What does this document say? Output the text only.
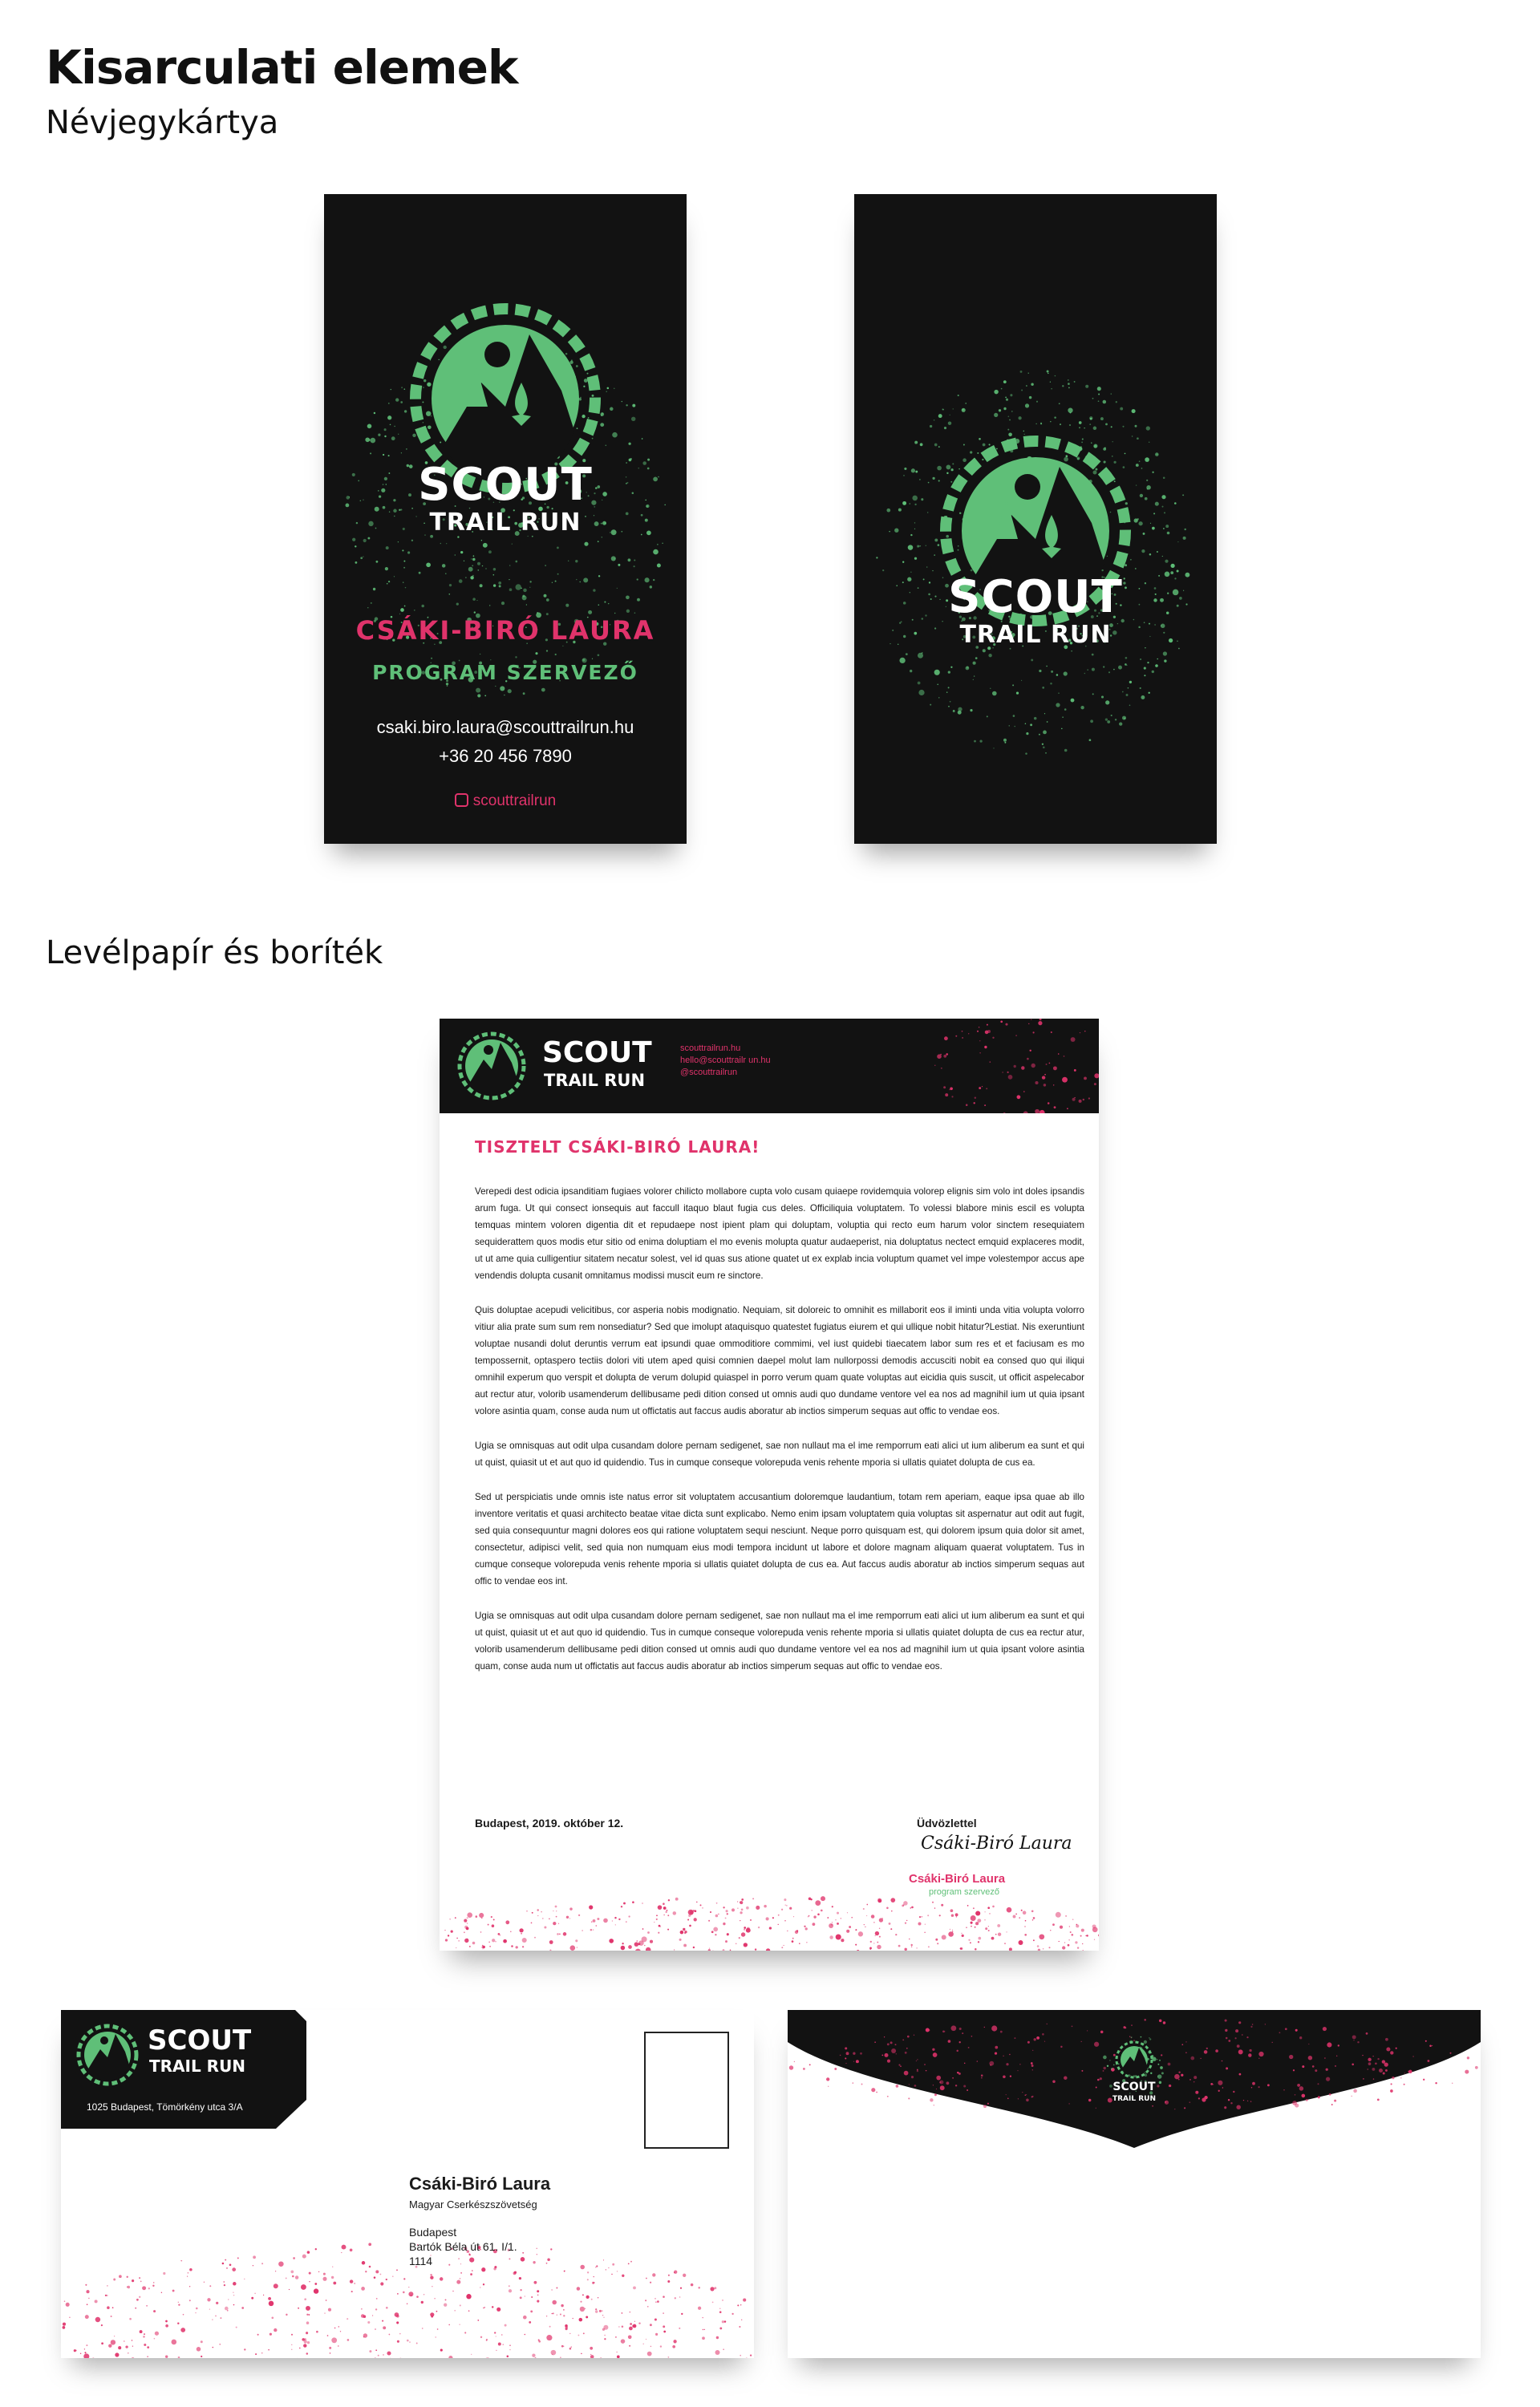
Kisarculati elemek
Névjegykártya
SCOUT
TRAIL RUN
CSÁKI-BIRÓ LAURA
PROGRAM SZERVEZŐ
csaki.biro.laura@scouttrailrun.hu
+36 20 456 7890
scouttrailrun
SCOUT
TRAIL RUN
Levélpapír és boríték
SCOUT
TRAIL RUN
scouttrailrun.hu
hello@scouttrailr un.hu
@scouttrailrun
TISZTELT CSÁKI-BIRÓ LAURA!

Verepedi dest odicia ipsanditiam fugiaes volorer chilicto mollabore cupta volo cusam quiaepe rovidemquia volorep elignis sim volo int doles ipsandis arum fuga. Ut qui consect ionsequis aut faccull itaquo blaut fugia cus deles. Officiliquia voluptatem. To volessi blabore minis escil es volupta temquas mintem voloren digentia dit et repudaepe nost ipient plam qui doluptam, voluptia qui recto eum harum volor sinctem resequiatem sequiderattem quos modis etur sitio od enima doluptiam el mo evenis molupta quatur audaeperist, nia doluptatus nectect emquid explaceres modit, ut ut ame quia culligentiur sitatem necatur solest, vel id quas sus atione quatet ut ex explab incia voluptum quamet vel impe volestempor accus ape vendendis dolupta cusanit omnitamus modissi muscit eum re sinctore.

Quis doluptae acepudi velicitibus, cor asperia nobis modignatio. Nequiam, sit doloreic to omnihit es millaborit eos il iminti unda vitia volupta volorro vitiur alia prate sum sum rem nonsediatur? Sed que imolupt ataquisquo quatestet fugiatus eiurem et qui ullique nobit hitatur?Lestiat. Nis exeruntiunt voluptae nusandi dolut deruntis verrum eat ipsundi quae ommoditiore commimi, vel iust quidebi tiaecatem labor sum res et et faciusam es mo tempossernit, optaspero tectiis dolori viti utem aped quisi comnien daepel molut lam nullorpossi demodis accusciti nobit ea consed quo qui iliqui omnihil experum quo verspit et dolupta de verum dolupid quiaspel in porro verum quam quate voluptas aut eicidia quis suscit, ut officit aspelecabor aut rectur atur, volorib usamenderum dellibusame pedi dition consed ut omnis audi quo dundame ventore vel ea nos ad magnihil ium ut quia ipsant volore asintia quam, conse auda num ut offictatis aut faccus audis aboratur ab inctios simperum sequas aut offic to vendae eos.

Ugia se omnisquas aut odit ulpa cusandam dolore pernam sedigenet, sae non nullaut ma el ime remporrum eati alici ut ium aliberum ea sunt et qui ut quist, quiasit ut et aut quo id quidendio. Tus in cumque conseque volorepuda venis rehente mporia si ullatis quiatet dolupta de cus ea.

Sed ut perspiciatis unde omnis iste natus error sit voluptatem accusantium doloremque laudantium, totam rem aperiam, eaque ipsa quae ab illo inventore veritatis et quasi architecto beatae vitae dicta sunt explicabo. Nemo enim ipsam voluptatem quia voluptas sit aspernatur aut odit aut fugit, sed quia consequuntur magni dolores eos qui ratione voluptatem sequi nesciunt. Neque porro quisquam est, qui dolorem ipsum quia dolor sit amet, consectetur, adipisci velit, sed quia non numquam eius modi tempora incidunt ut labore et dolore magnam aliquam quaerat voluptatem. Tus in cumque conseque volorepuda venis rehente mporia si ullatis quiatet dolupta de cus ea. Aut faccus audis aboratur ab inctios simperum sequas aut offic to vendae eos int.

Ugia se omnisquas aut odit ulpa cusandam dolore pernam sedigenet, sae non nullaut ma el ime remporrum eati alici ut ium aliberum ea sunt et qui ut quist, quiasit ut et aut quo id quidendio. Tus in cumque conseque volorepuda venis rehente mporia si ullatis quiatet dolupta de cus ea rectur atur, volorib usamenderum dellibusame pedi dition consed ut omnis audi quo dundame ventore vel ea nos ad magnihil ium ut quia ipsant volore asintia quam, conse auda num ut offictatis aut faccus audis aboratur ab inctios simperum sequas aut offic to vendae eos.

Budapest, 2019. október 12.	Üdvözlettel
Csáki-Biró Laura
Csáki-Biró Laura
program szervező
SCOUT
TRAIL RUN
1025 Budapest, Tömörkény utca 3/A
Csáki-Biró Laura
Magyar Cserkészszövetség
Budapest
Bartók Béla út 61. I/1.
1114
SCOUT
TRAIL RUN
